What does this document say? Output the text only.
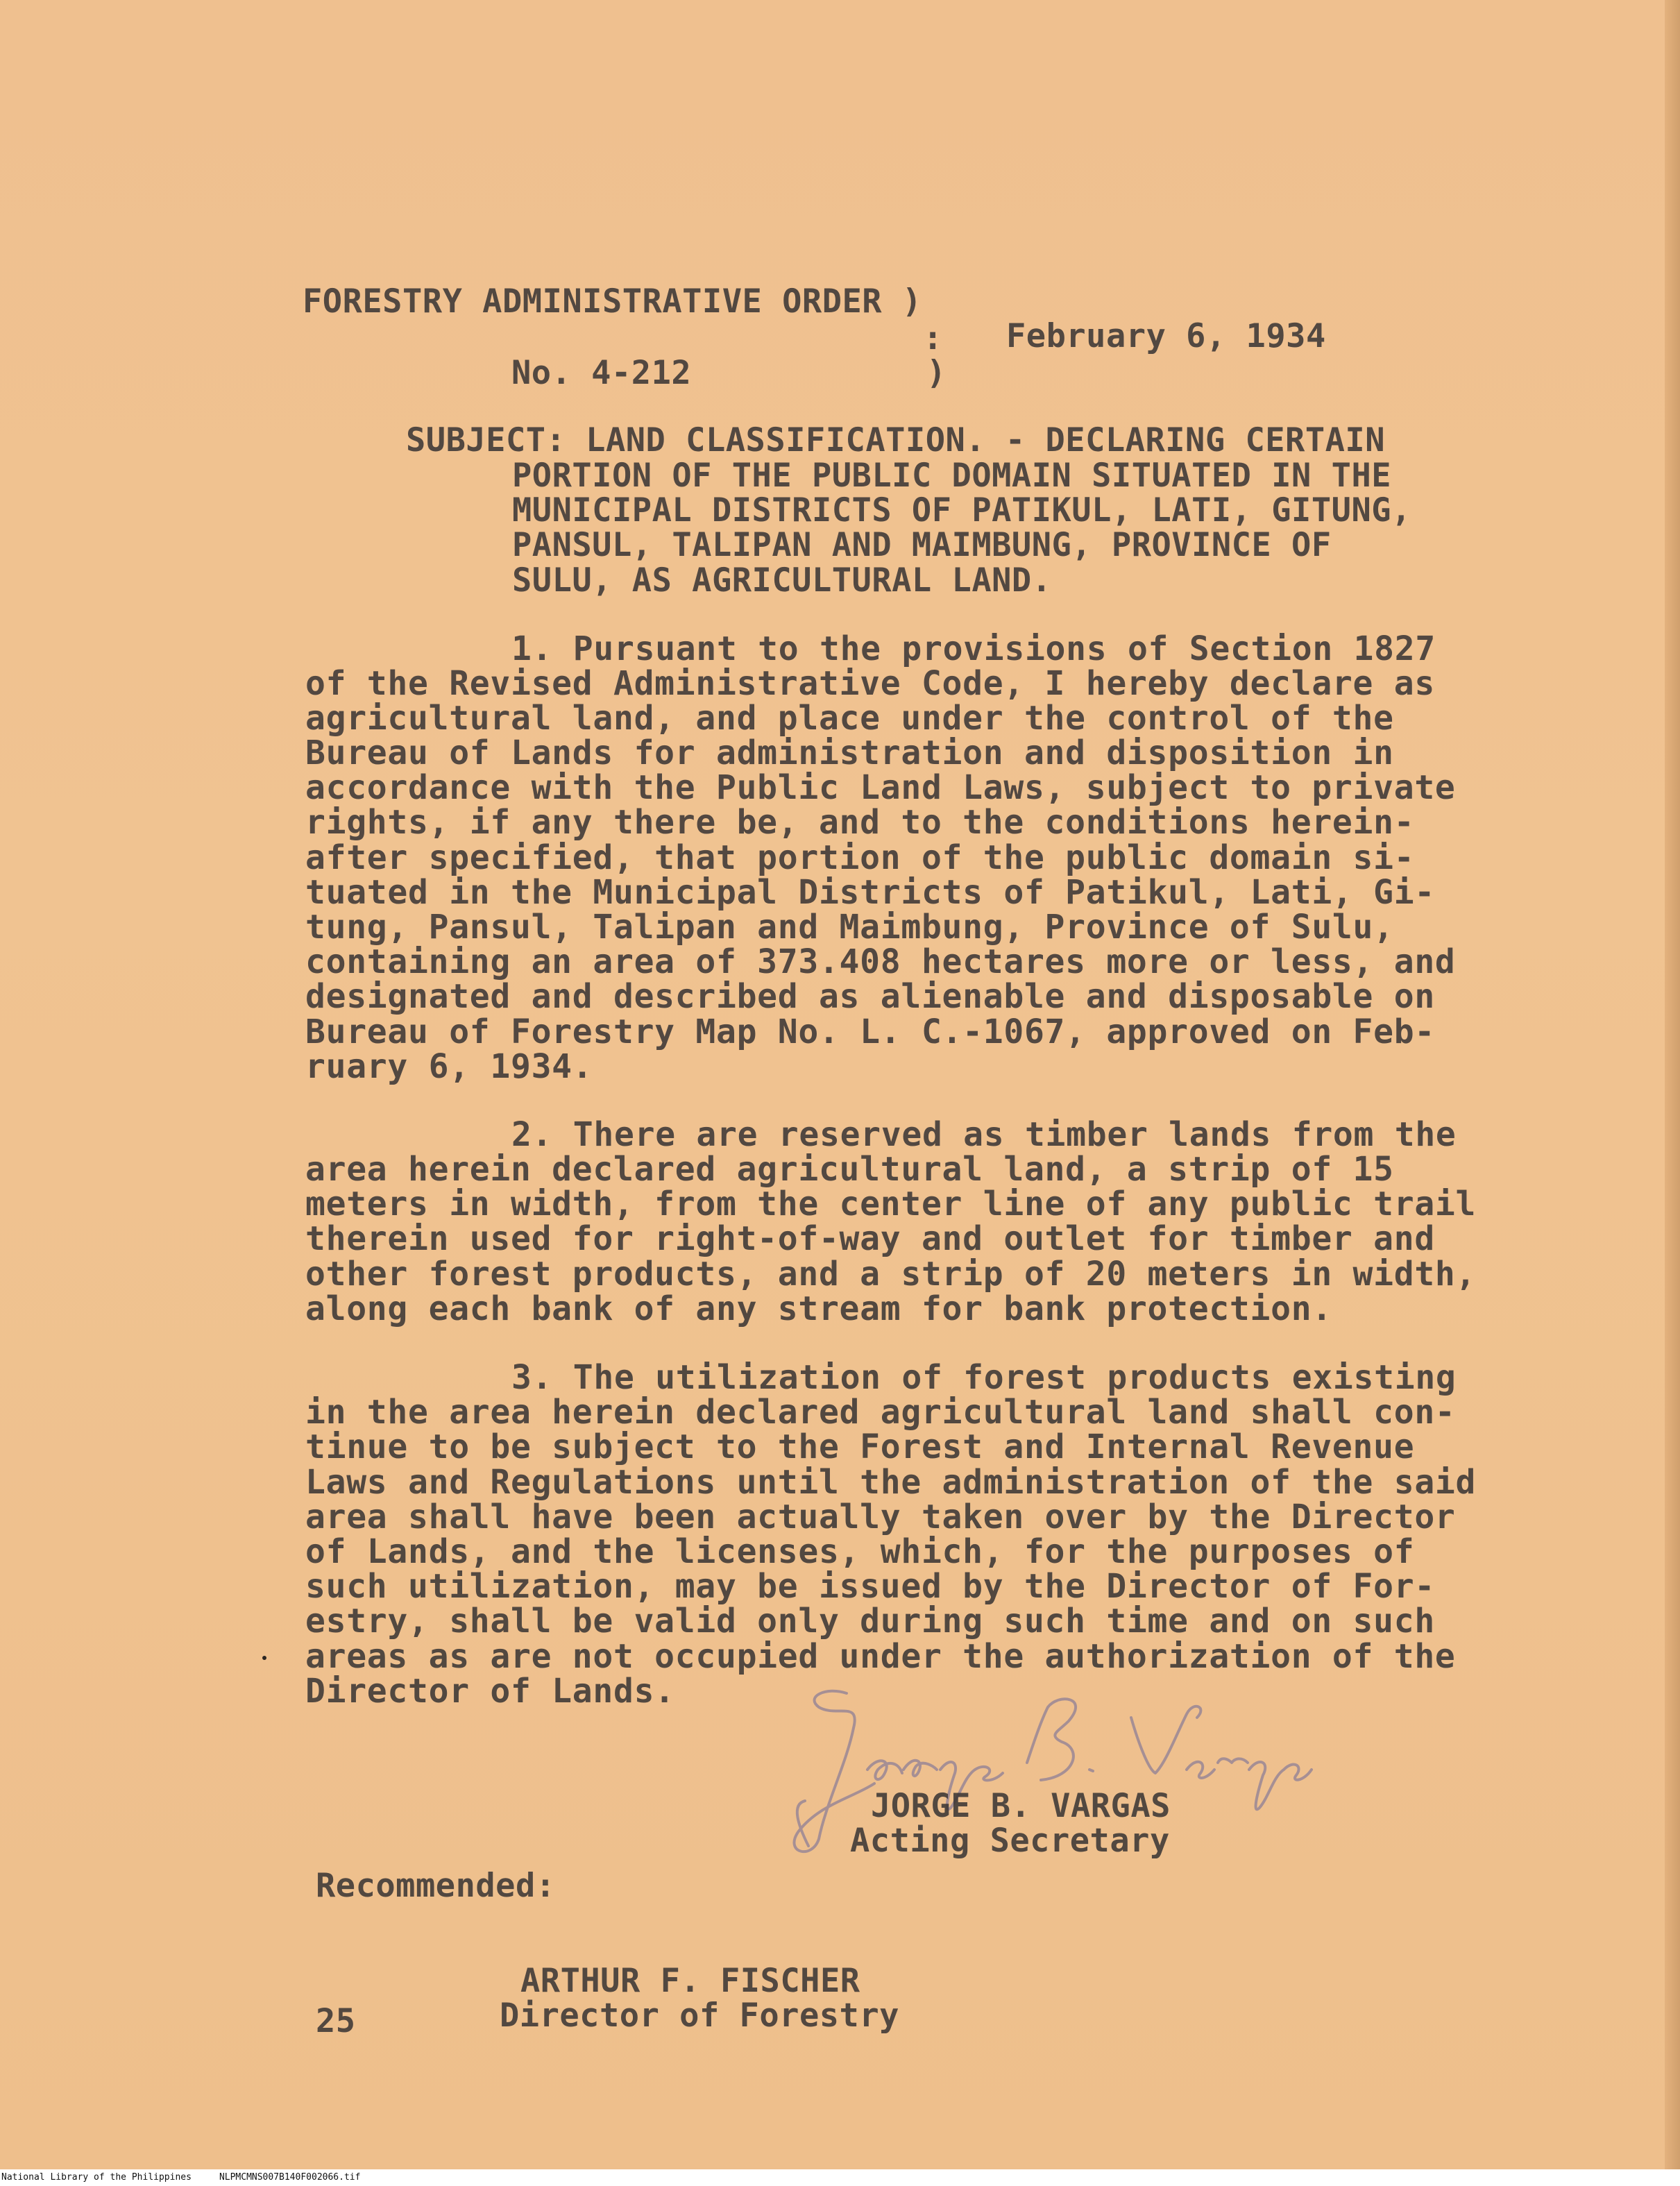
FORESTRY ADMINISTRATIVE ORDER )
:
No. 4-212	)
February 6, 1934
SUBJECT: LAND CLASSIFICATION. - DECLARING CERTAIN
PORTION OF THE PUBLIC DOMAIN SITUATED IN THE
MUNICIPAL DISTRICTS OF PATIKUL, LATI, GITUNG,
PANSUL, TALIPAN AND MAIMBUNG, PROVINCE OF
SULU, AS AGRICULTURAL LAND.
1. Pursuant to the provisions of Section 1827
of the Revised Administrative Code, I hereby declare as
agricultural land, and place under the control of the
Bureau of Lands for administration and disposition in
accordance with the Public Land Laws, subject to private
rights, if any there be, and to the conditions herein-
after specified, that portion of the public domain si-
tuated in the Municipal Districts of Patikul, Lati, Gi-
tung, Pansul, Talipan and Maimbung, Province of Sulu,
containing an area of 373.408 hectares more or less, and
designated and described as alienable and disposable on
Bureau of Forestry Map No. L. C.-1067, approved on Feb-
ruary 6, 1934.
2. There are reserved as timber lands from the
area herein declared agricultural land, a strip of 15
meters in width, from the center line of any public trail
therein used for right-of-way and outlet for timber and
other forest products, and a strip of 20 meters in width,
along each bank of any stream for bank protection.
3. The utilization of forest products existing
in the area herein declared agricultural land shall con-
tinue to be subject to the Forest and Internal Revenue
Laws and Regulations until the administration of the said
area shall have been actually taken over by the Director
of Lands, and the licenses, which, for the purposes of
such utilization, may be issued by the Director of For-
estry, shall be valid only during such time and on such
areas as are not occupied under the authorization of the
Director of Lands.
JORGE B. VARGAS
Acting Secretary
Recommended:
ARTHUR F. FISCHER
Director of Forestry
25
National Library of the Philippines	NLPMCMNS007B140F002066.tif
